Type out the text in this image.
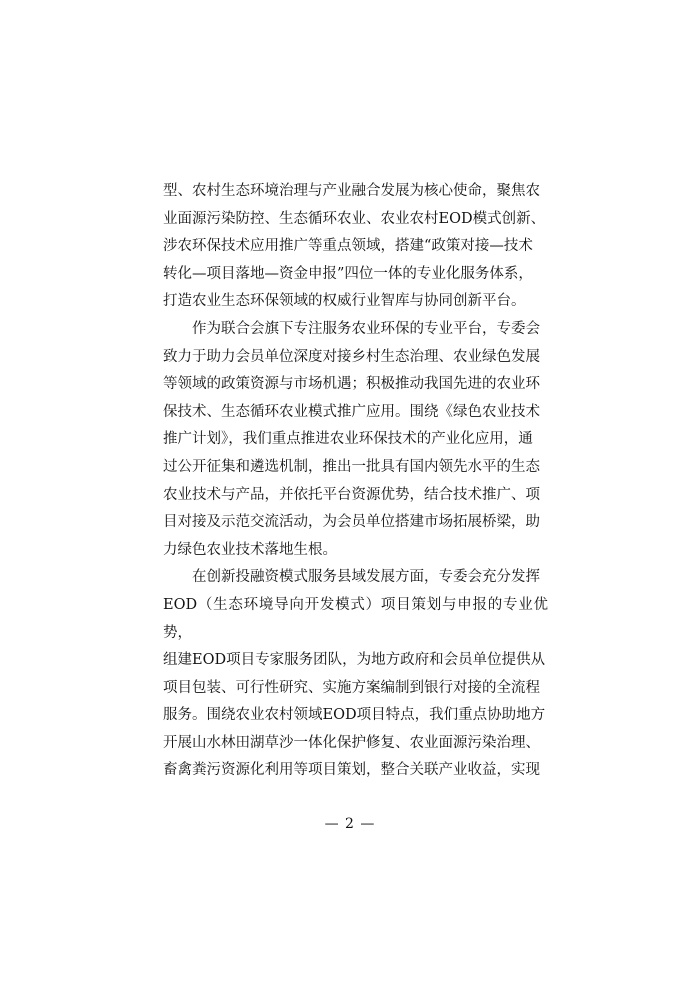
型、农村生态环境治理与产业融合发展为核心使命，聚焦农
业面源污染防控、生态循环农业、农业农村EOD模式创新、
涉农环保技术应用推广等重点领域，搭建“政策对接—技术
转化—项目落地—资金申报”四位一体的专业化服务体系，
打造农业生态环保领域的权威行业智库与协同创新平台。

作为联合会旗下专注服务农业环保的专业平台，专委会
致力于助力会员单位深度对接乡村生态治理、农业绿色发展
等领域的政策资源与市场机遇；积极推动我国先进的农业环
保技术、生态循环农业模式推广应用。围绕《绿色农业技术
推广计划》，我们重点推进农业环保技术的产业化应用，通
过公开征集和遴选机制，推出一批具有国内领先水平的生态
农业技术与产品，并依托平台资源优势，结合技术推广、项
目对接及示范交流活动，为会员单位搭建市场拓展桥梁，助
力绿色农业技术落地生根。

在创新投融资模式服务县域发展方面，专委会充分发挥
EOD（生态环境导向开发模式）项目策划与申报的专业优势，
组建EOD项目专家服务团队，为地方政府和会员单位提供从
项目包装、可行性研究、实施方案编制到银行对接的全流程
服务。围绕农业农村领域EOD项目特点，我们重点协助地方
开展山水林田湖草沙一体化保护修复、农业面源污染治理、
畜禽粪污资源化利用等项目策划，整合关联产业收益，实现

— 2 —
